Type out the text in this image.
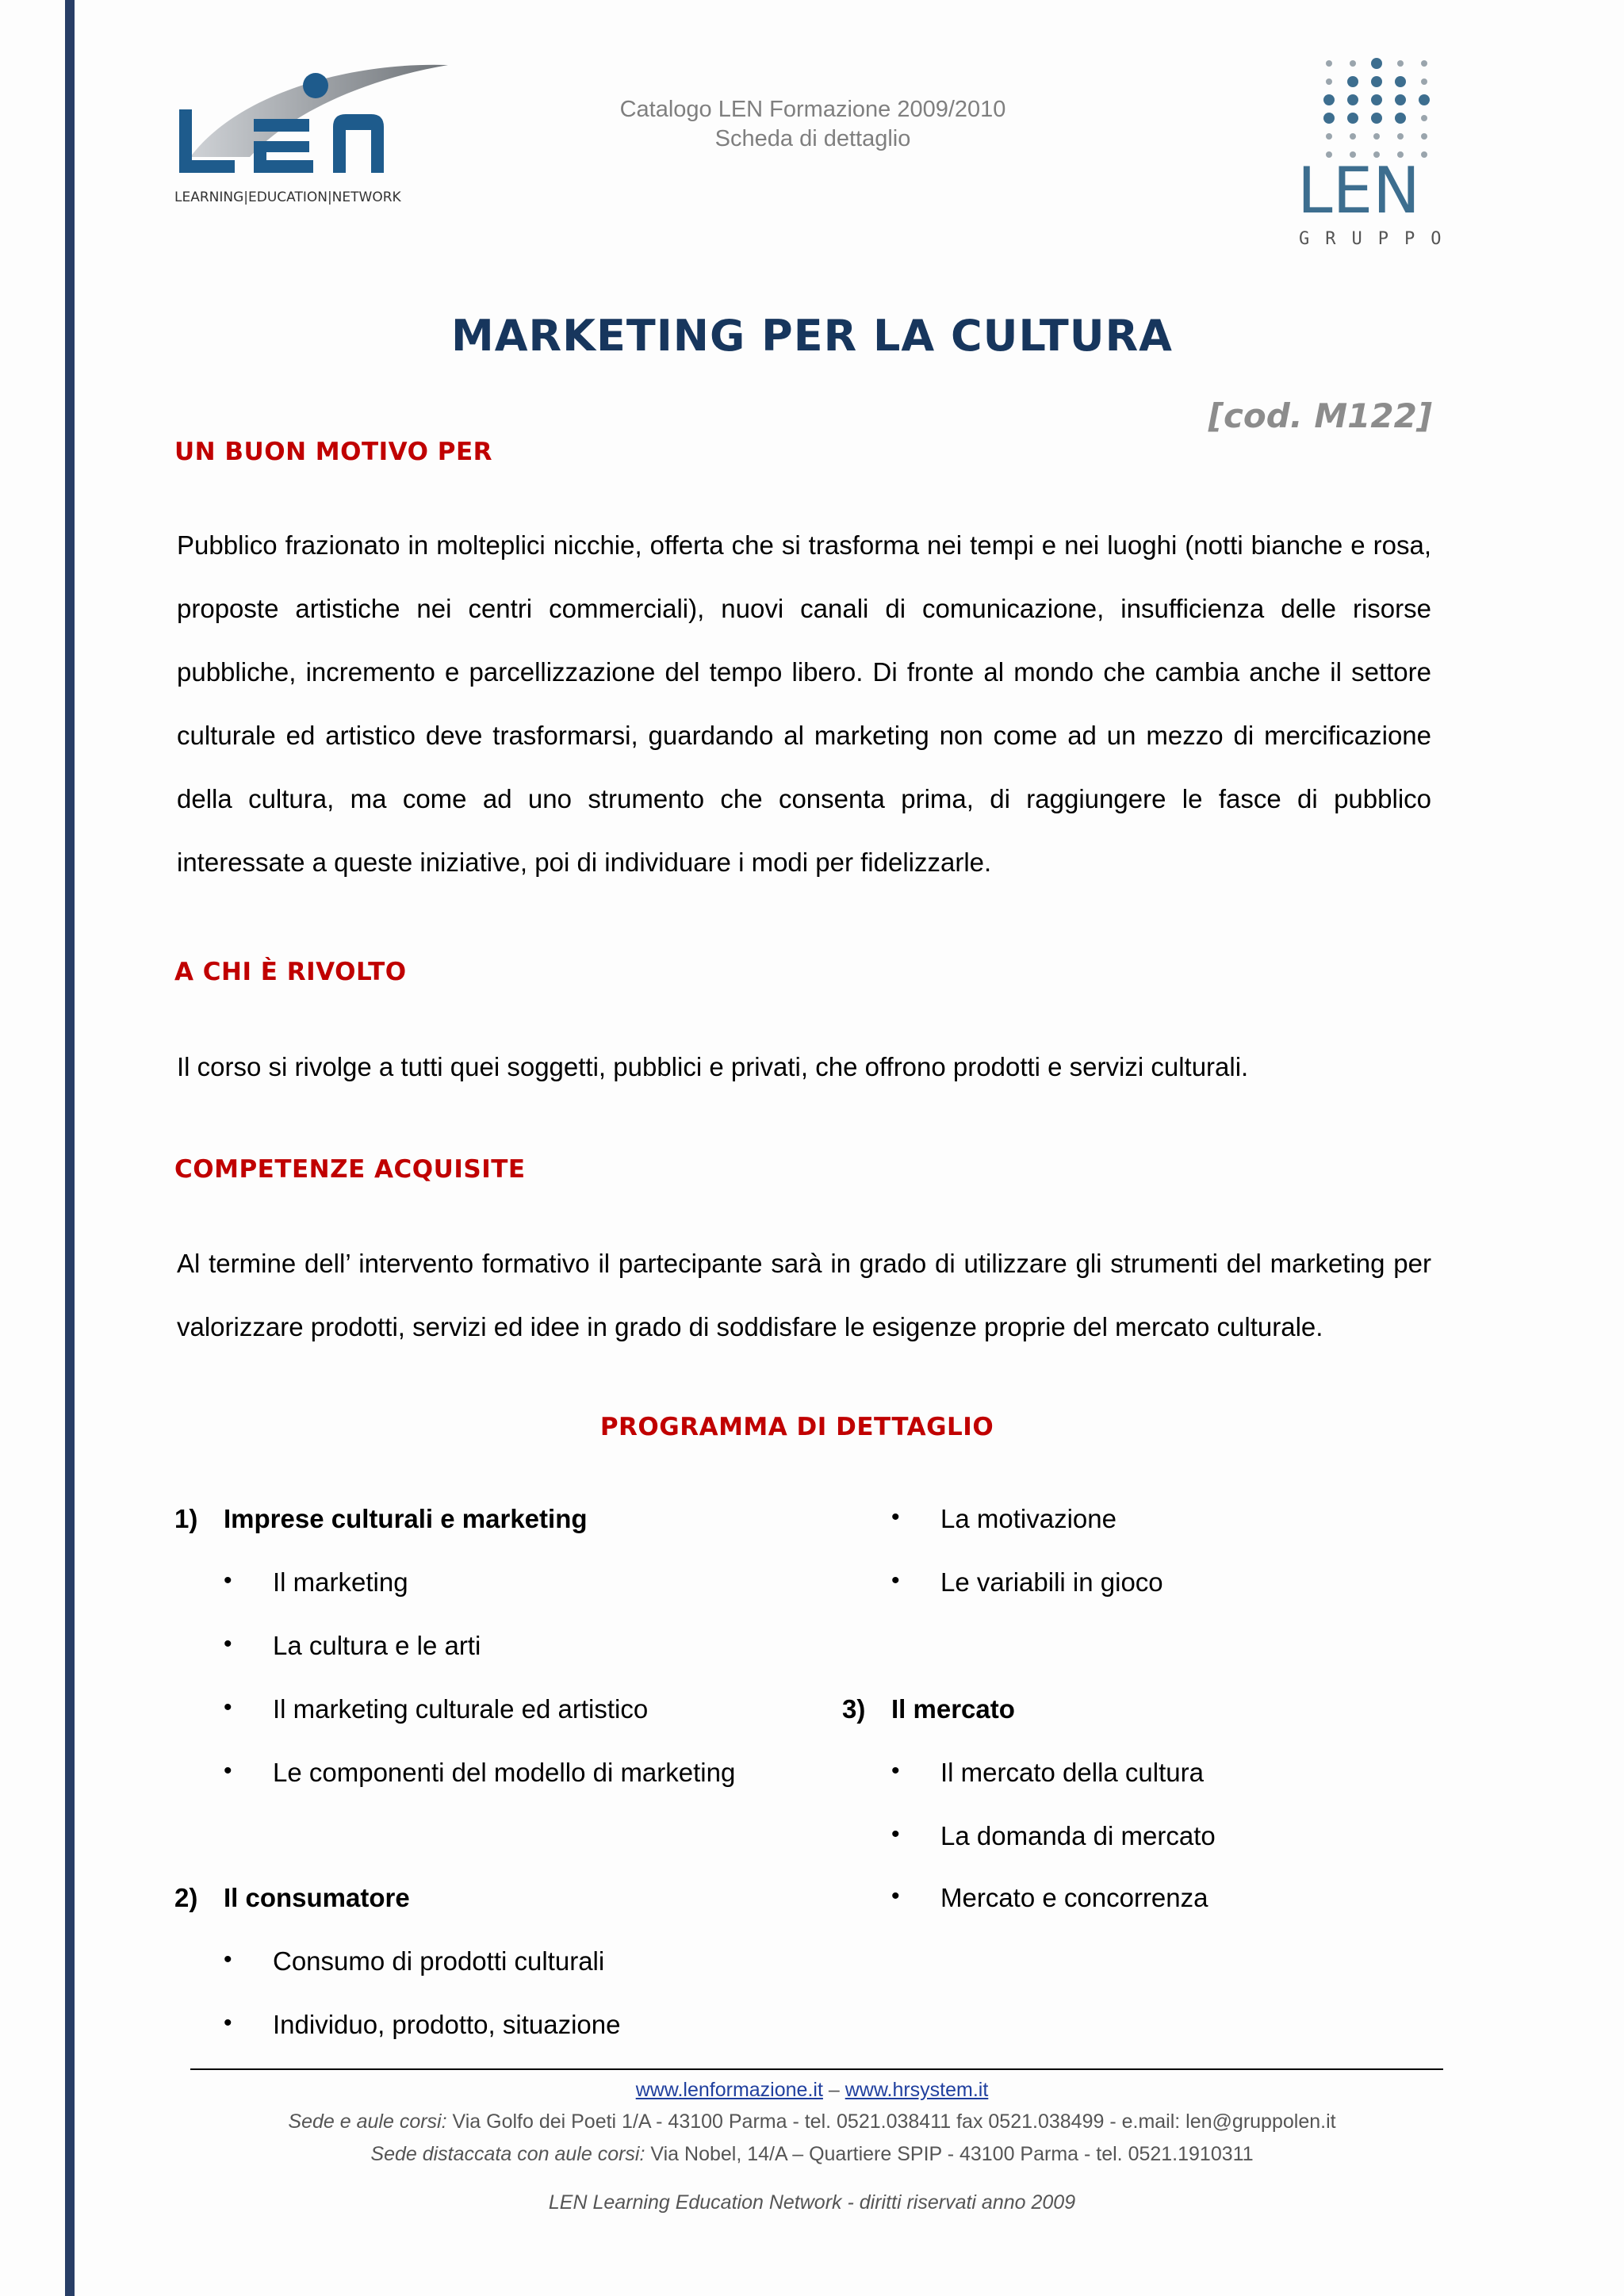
LEARNING|EDUCATION|NETWORK
Catalogo LEN Formazione 2009/2010
Scheda di dettaglio
LEN
GRUPPO
MARKETING PER LA CULTURA
[cod. M122]
UN BUON MOTIVO PER

Pubblico frazionato in molteplici nicchie, offerta che si trasforma nei tempi e nei luoghi (notti bianche e rosa, proposte artistiche nei centri commerciali), nuovi canali di comunicazione, insufficienza delle risorse pubbliche, incremento e parcellizzazione del tempo libero. Di fronte al mondo che cambia anche il settore culturale ed artistico deve trasformarsi, guardando al marketing non come ad un mezzo di mercificazione della cultura, ma come ad uno strumento che consenta prima, di raggiungere le fasce di pubblico interessate a queste iniziative, poi di individuare i modi per fidelizzarle.

A CHI È RIVOLTO

Il corso si rivolge a tutti quei soggetti, pubblici e privati, che offrono prodotti e servizi culturali.

COMPETENZE ACQUISITE

Al termine dell’ intervento formativo il partecipante sarà in grado di utilizzare gli strumenti del marketing per valorizzare prodotti, servizi ed idee in grado di soddisfare le esigenze proprie del mercato culturale.

PROGRAMMA DI DETTAGLIO
1) Imprese culturali e marketing
• Il marketing
• La cultura e le arti
• Il marketing culturale ed artistico
• Le componenti del modello di marketing
2) Il consumatore
• Consumo di prodotti culturali
• Individuo, prodotto, situazione
• La motivazione
• Le variabili in gioco
3) Il mercato
• Il mercato della cultura
• La domanda di mercato
• Mercato e concorrenza
www.lenformazione.it – www.hrsystem.it
Sede e aule corsi: Via Golfo dei Poeti 1/A - 43100 Parma - tel. 0521.038411 fax 0521.038499 - e.mail: len@gruppolen.it
Sede distaccata con aule corsi: Via Nobel, 14/A – Quartiere SPIP - 43100 Parma - tel. 0521.1910311
LEN Learning Education Network - diritti riservati anno 2009
